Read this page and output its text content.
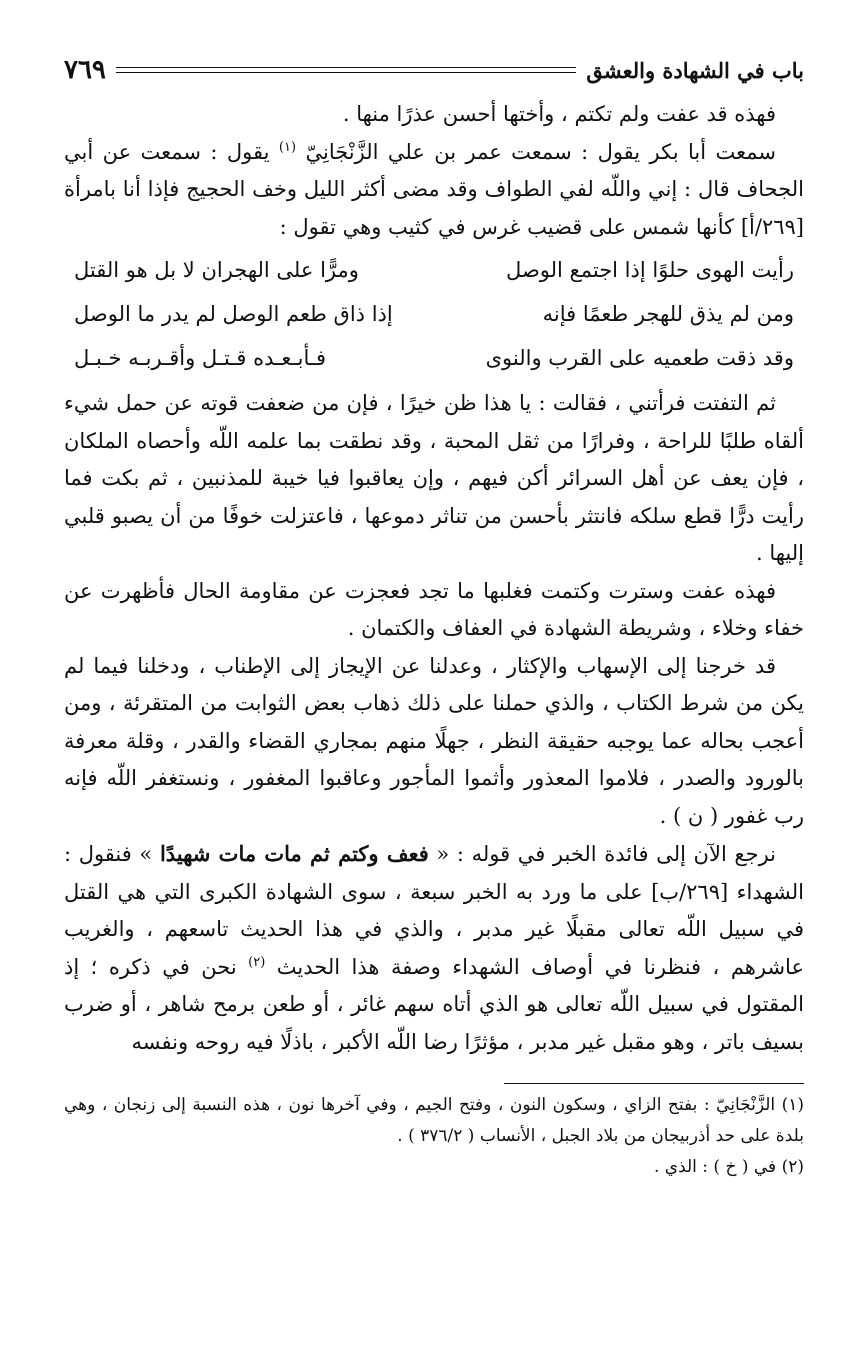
باب في الشهادة والعشق
٧٦٩

فهذه قد عفت ولم تكتم ، وأختها أحسن عذرًا منها .

سمعت أبا بكر يقول : سمعت عمر بن علي الزَّنْجَانِيّ $^{(١)}$ يقول : سمعت عن أبي الجحاف قال : إني واللّه لفي الطواف وقد مضى أكثر الليل وخف الحجيج فإذا أنا بامرأة [٢٦٩/أ] كأنها شمس على قضيب غرس في كثيب وهي تقول :

رأيت الهوى حلوًا إذا اجتمع الوصل
ومرًّا على الهجران لا بل هو القتل
ومن لم يذق للهجر طعمًا فإنه
إذا ذاق طعم الوصل لم يدر ما الوصل
وقد ذقت طعميه على القرب والنوى
فـأبـعـده قـتـل وأقـربـه خـبـل

ثم التفتت فرأتني ، فقالت : يا هذا ظن خيرًا ، فإن من ضعفت قوته عن حمل شيء ألقاه طلبًا للراحة ، وفرارًا من ثقل المحبة ، وقد نطقت بما علمه اللّه وأحصاه الملكان ، فإن يعف عن أهل السرائر أكن فيهم ، وإن يعاقبوا فيا خيبة للمذنبين ، ثم بكت فما رأيت درًّا قطع سلكه فانتثر بأحسن من تناثر دموعها ، فاعتزلت خوفًا من أن يصبو قلبي إليها .

فهذه عفت وسترت وكتمت فغلبها ما تجد فعجزت عن مقاومة الحال فأظهرت عن خفاء وخلاء ، وشريطة الشهادة في العفاف والكتمان .

قد خرجنا إلى الإسهاب والإكثار ، وعدلنا عن الإيجاز إلى الإطناب ، ودخلنا فيما لم يكن من شرط الكتاب ، والذي حملنا على ذلك ذهاب بعض الثوابت من المتقرئة ، ومن أعجب بحاله عما يوجبه حقيقة النظر ، جهلًا منهم بمجاري القضاء والقدر ، وقلة معرفة بالورود والصدر ، فلاموا المعذور وأثموا المأجور وعاقبوا المغفور ، ونستغفر اللّه فإنه رب غفور ( ن ) .

نرجع الآن إلى فائدة الخبر في قوله : « فعف وكتم ثم مات مات شهيدًا » فنقول : الشهداء [٢٦٩/ب] على ما ورد به الخبر سبعة ، سوى الشهادة الكبرى التي هي القتل في سبيل اللّه تعالى مقبلًا غير مدبر ، والذي في هذا الحديث تاسعهم ، والغريب عاشرهم ، فنظرنا في أوصاف الشهداء وصفة هذا الحديث $^{(٢)}$ نحن في ذكره ؛ إذ المقتول في سبيل اللّه تعالى هو الذي أتاه سهم غائر ، أو طعن برمح شاهر ، أو ضرب بسيف باتر ، وهو مقبل غير مدبر ، مؤثرًا رضا اللّه الأكبر ، باذلًا فيه روحه ونفسه

(١) الزَّنْجَانِيّ : بفتح الزاي ، وسكون النون ، وفتح الجيم ، وفي آخرها نون ، هذه النسبة إلى زنجان ، وهي بلدة على حد أذربيجان من بلاد الجبل ، الأنساب ( ٣٧٦/٢ ) .

(٢) في ( خ ) : الذي .
